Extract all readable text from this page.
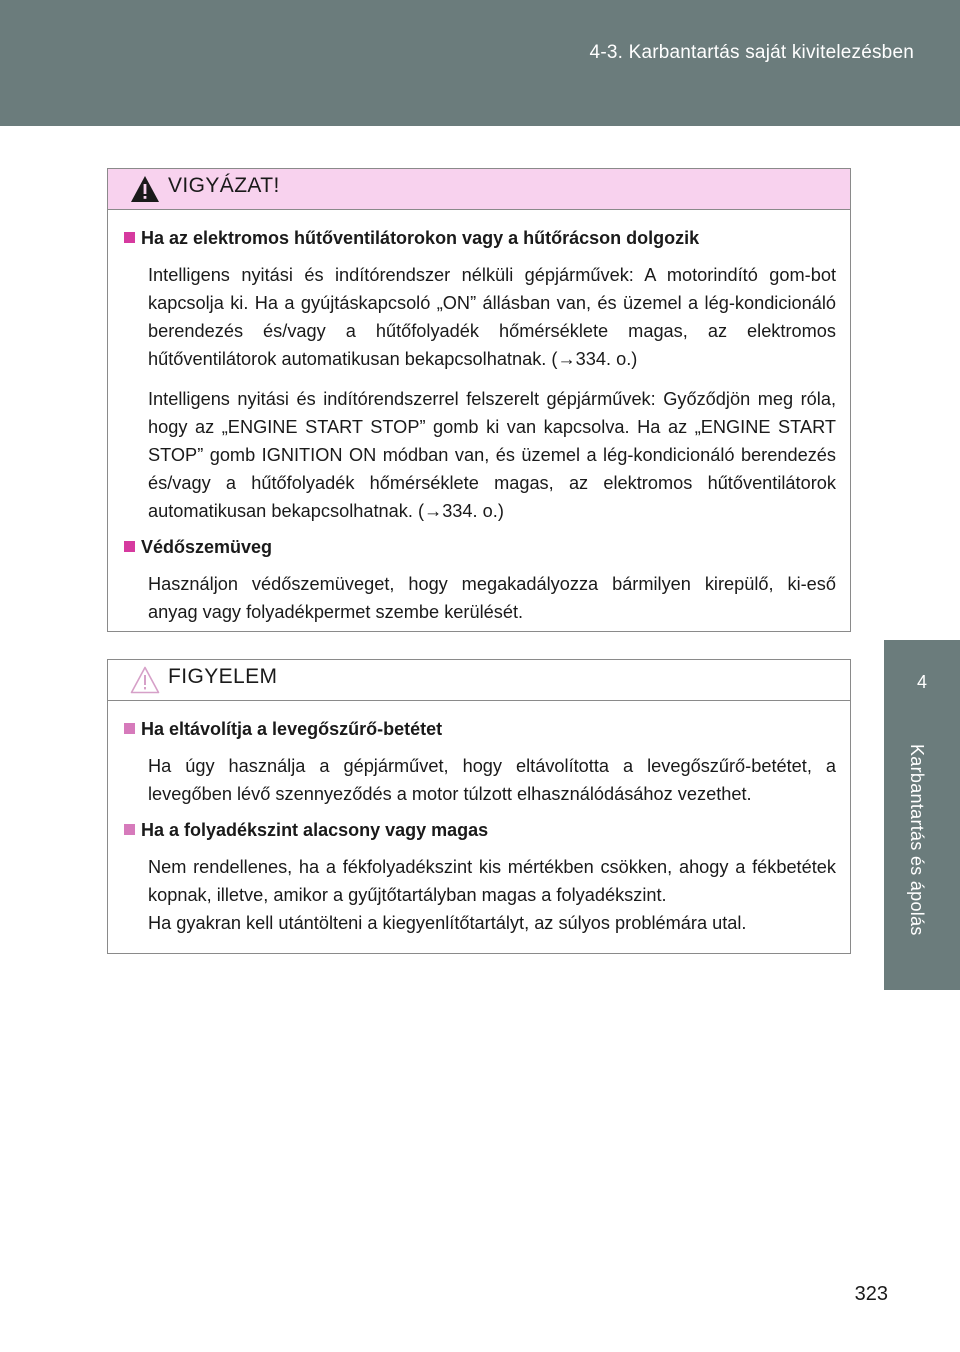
4-3. Karbantartás saját kivitelezésben
4
Karbantartás és ápolás
VIGYÁZAT!
Ha az elektromos hűtőventilátorokon vagy a hűtőrácson dolgozik

Intelligens nyitási és indítórendszer nélküli gépjárművek: A motorindító gom-bot kapcsolja ki. Ha a gyújtáskapcsoló „ON” állásban van, és üzemel a lég-kondicionáló berendezés és/vagy a hűtőfolyadék hőmérséklete magas, az elektromos hűtőventilátorok automatikusan bekapcsolhatnak. (→334. o.)

Intelligens nyitási és indítórendszerrel felszerelt gépjárművek: Győződjön meg róla, hogy az „ENGINE START STOP” gomb ki van kapcsolva. Ha az „ENGINE START STOP” gomb IGNITION ON módban van, és üzemel a lég-kondicionáló berendezés és/vagy a hűtőfolyadék hőmérséklete magas, az elektromos hűtőventilátorok automatikusan bekapcsolhatnak. (→334. o.)

Védőszemüveg

Használjon védőszemüveget, hogy megakadályozza bármilyen kirepülő, ki-eső anyag vagy folyadékpermet szembe kerülését.

FIGYELEM
Ha eltávolítja a levegőszűrő-betétet

Ha úgy használja a gépjárművet, hogy eltávolította a levegőszűrő-betétet, a levegőben lévő szennyeződés a motor túlzott elhasználódásához vezethet.

Ha a folyadékszint alacsony vagy magas

Nem rendellenes, ha a fékfolyadékszint kis mértékben csökken, ahogy a fékbetétek kopnak, illetve, amikor a gyűjtőtartályban magas a folyadékszint.

Ha gyakran kell utántölteni a kiegyenlítőtartályt, az súlyos problémára utal.

323
